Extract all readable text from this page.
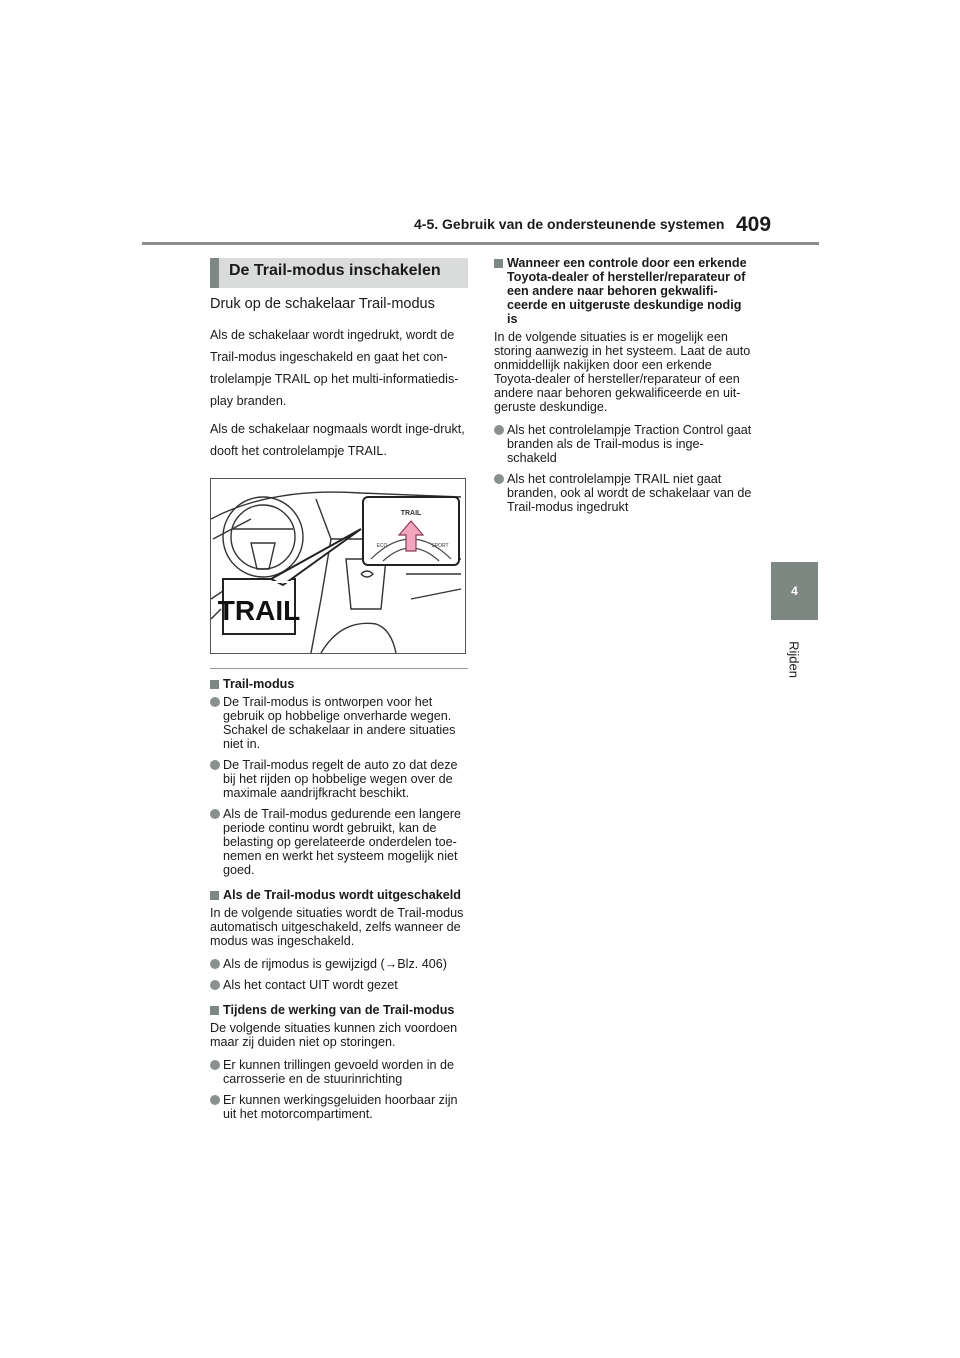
4-5. Gebruik van de ondersteunende systemen 409
4
Rijden
De Trail-modus inschakelen

Druk op de schakelaar Trail-modus

Als de schakelaar wordt ingedrukt, wordt de Trail-modus ingeschakeld en gaat het con-trolelampje TRAIL op het multi-informatiedis-play branden.

Als de schakelaar nogmaals wordt inge-drukt, dooft het controlelampje TRAIL.

TRAIL
ECO	SPORT
TRAIL
Trail-modus
De Trail-modus is ontworpen voor het gebruik op hobbelige onverharde wegen. Schakel de schakelaar in andere situaties niet in.
De Trail-modus regelt de auto zo dat deze bij het rijden op hobbelige wegen over de maximale aandrijfkracht beschikt.
Als de Trail-modus gedurende een langere periode continu wordt gebruikt, kan de belasting op gerelateerde onderdelen toe-nemen en werkt het systeem mogelijk niet goed.
Als de Trail-modus wordt uitgeschakeld

In de volgende situaties wordt de Trail-modus automatisch uitgeschakeld, zelfs wanneer de modus was ingeschakeld.

Als de rijmodus is gewijzigd (→Blz. 406)
Als het contact UIT wordt gezet
Tijdens de werking van de Trail-modus

De volgende situaties kunnen zich voordoen maar zij duiden niet op storingen.

Er kunnen trillingen gevoeld worden in de carrosserie en de stuurinrichting
Er kunnen werkingsgeluiden hoorbaar zijn uit het motorcompartiment.
Wanneer een controle door een erkende Toyota-dealer of hersteller/reparateur of een andere naar behoren gekwalifi-ceerde en uitgeruste deskundige nodig is

In de volgende situaties is er mogelijk een storing aanwezig in het systeem. Laat de auto onmiddellijk nakijken door een erkende Toyota-dealer of hersteller/reparateur of een andere naar behoren gekwalificeerde en uit-geruste deskundige.

Als het controlelampje Traction Control gaat branden als de Trail-modus is inge-schakeld
Als het controlelampje TRAIL niet gaat branden, ook al wordt de schakelaar van de Trail-modus ingedrukt
